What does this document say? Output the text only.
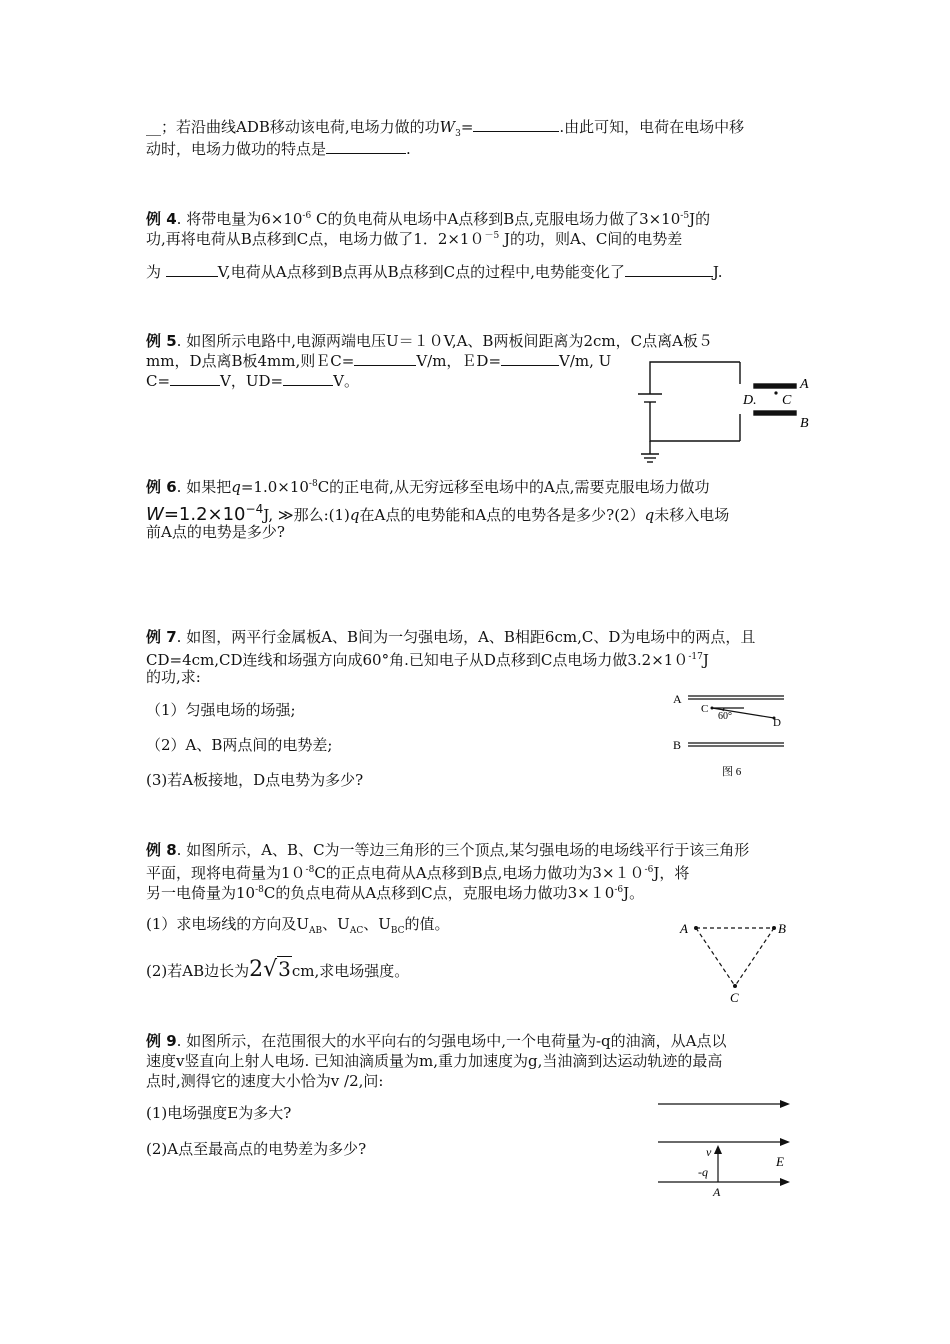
__；若沿曲线ADB移动该电荷,电场力做的功$W_3=$	.由此可知，电荷在电场中移
动时，电场力做功的特点是	.
例 4. 将带电量为$6\times 10^{-6}$ C的负电荷从电场中A点移到B点,克服电场力做了$3\times 10^{-5}J$的
功,再将电荷从B点移到C点，电场力做了1．$2\times 10^{-5}$ J的功，则A、C间的电势差
为	V,电荷从A点移到B点再从B点移到C点的过程中,电势能变化了	J.
例 5. 如图所示电路中,电源两端电压U＝１０V,A、B两板间距离为2cm，C点离A板５
mm，D点离B板4mm,则ＥC=	V/m，ＥD=	V/m, U
C=	V，UD=	V。	A
B
C
D.
例 6. 如果把$q=1.0\times 10^{-8}C$的正电荷,从无穷远移至电场中的A点,需要克服电场力做功
$W=1.2\times 10^{-4}J$, ≫那么:(1)q在A点的电势能和A点的电势各是多少?(2）q未移入电场
前A点的电势是多少?
例 7. 如图，两平行金属板A、B间为一匀强电场，A、B相距6cm,C、D为电场中的两点，且
CD=4cm,CD连线和场强方向成60°角.已知电子从D点移到C点电场力做$3.2\times 10^{-17}J$
的功,求:
（1）匀强电场的场强;
（2）A、B两点间的电势差;
(3)若A板接地，D点电势为多少?
A
B
C
D
60°
图 6
例 8. 如图所示，A、B、C为一等边三角形的三个顶点,某匀强电场的电场线平行于该三角形
平面，现将电荷量为$10^{-8}C$的正点电荷从A点移到B点,电场力做功为$3\times 10^{-6}J$，将
另一电倚量为$10^{-8}C$的负点电荷从A点移到C点，克服电场力做功$3\times 10^{-6}J$。
(1）求电场线的方向及$U_{AB}$、$U_{AC}$、$U_{BC}$的值。
(2)若AB边长为2√3cm,求电场强度。
A	B
C
例 9. 如图所示，在范围很大的水平向右的匀强电场中,一个电荷量为-q的油滴，从A点以
速度v竖直向上射人电场. 已知油滴质量为m,重力加速度为g,当油滴到达运动轨迹的最高
点时,测得它的速度大小恰为v /2,问:
(1)电场强度E为多大?
(2)A点至最高点的电势差为多少?	v
-q
E
A
